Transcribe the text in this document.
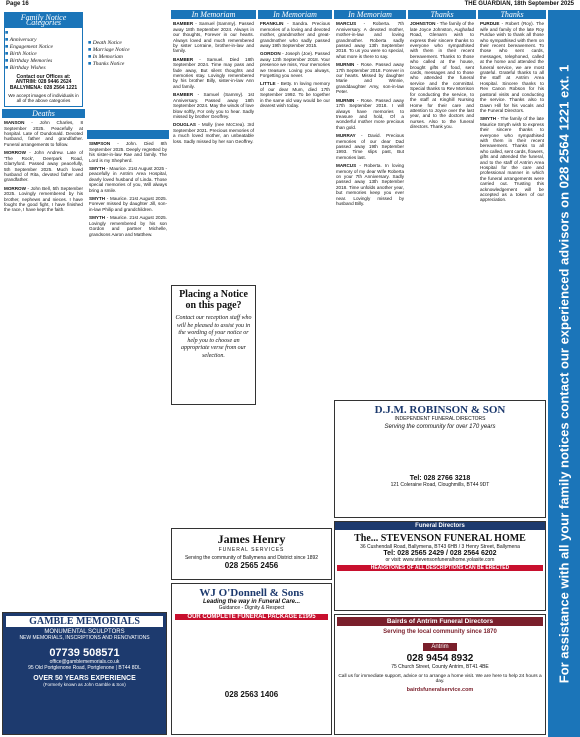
Page 16	THE GUARDIAN, 18th September 2025
Family Notice Categories
■ ■ Anniversary
■ Engagement Notice
■ Birth Notice
■ Birthday Memories
■ Birthday Wishes
Contact our Offices at:
ANTRIM: 028 9446 2624
BALLYMENA: 028 2564 1221
We accept images of individuals in all of the above categories
Deaths
MANSON - John Charles, 8 September 2025. Peacefully at hospital. Late of Dundonald. Devoted husband, father and grandfather. Funeral arrangements to follow.
MORROW - John Andrew. Late of 'The Rock', Deerpark Road, Glarryford. Passed away peacefully, 5th September 2025. Much loved husband of Rita, devoted father and grandfather.
MORROW - John Bell, 5th September 2025. Lovingly remembered by his brother, nephews and nieces. I have fought the good fight, I have finished the race, I have kept the faith.
■ Death Notice
■ Marriage Notice
■ In Memoriam
■ Thanks Notice

SIMPSON - John. Died 8th September 2025. Deeply regretted by his sister-in-law Rae and family. The Lord is my Shepherd.
SMYTH - Maurice. 21st August 2025 - peacefully in Antrim Area Hospital, dearly loved husband of Linda. Those special memories of you, Will always bring a smile.
SMYTH - Maurice. 21st August 2025. Forever missed by daughter Jill, son-in-law Philip and grandchildren.
SMYTH - Maurice. 21st August 2025. Lovingly remembered by his son Gordon and partner Michelle, grandsons Aaron and Matthew.
In Memoriam
BAMBER - Samuel (Sammy). Passed away 18th September 2024. Always in our thoughts, Forever in our hearts. Always loved and much remembered by sister Lorraine, brother-in-law and family.
BAMBER - Samuel. Died 18th September 2024. Time may pass and fade away, But silent thoughts and memories stay. Lovingly remembered by his brother Billy, sister-in-law Ann and family.
BAMBER - Samuel (Sammy). 1st Anniversary. Passed away 18th September 2024. May the winds of love blow softly, For only you to hear. Sadly missed by brother Geoffrey.
DOUGLAS - Molly (nee McCrea). 3rd September 2021. Precious memories of a much loved mother, an unbeatable loss. Sadly missed by her son Geoffrey.
In Memoriam
FRANKLIN - Sandra. Precious memories of a loving and devoted mother, grandmother and great-grandmother who sadly passed away 19th September 2015.
GORDON - Joseph (Joe). Passed away 12th September 2018. Your presence we miss, Your memories we treasure. Loving you always, Forgetting you never.
LITTLE - Betty. In loving memory of our dear Mum, died 17th September 1992. To be together in the same old way would be our dearest wish today.
In Memoriam
MARCUS - Roberta. 7th Anniversary. A devoted mother, mother-in-law and loving grandmother. Roberta sadly passed away 13th September 2018. To us you were so special, what more is there to say.
MURNIN - Rose. Passed away 17th September 2018. Forever in our hearts. Missed by daughter Marie and Winnie, granddaughter Amy, son-in-law Peter.
MURNIN - Rose. Passed away 17th September 2018. I will always have memories to treasure and hold, Of a wonderful mother more precious than gold.
MURRAY - David. Precious memories of our dear Dad passed away 19th September 1993. Time slips past, But memories last.
MARCUS - Roberta. In loving memory of my dear Wife Roberta on your 7th Anniversary. Sadly passed away 13th September 2018. Time unfolds another year, but memories keep you ever near. Lovingly missed by husband Billy.
Thanks
JOHNSTON - The family of the late Joyce Johnston, Aughafad Road, Glenarm wish to express their sincere thanks to everyone who sympathised with them in their recent bereavement. Thanks to those who called at the house, brought gifts of food, sent cards, messages and to those who attended the funeral service and the committal. Special thanks to Rev Morrison for conducting the service, to the staff at Kinghill Nursing Home for their care and attention to Joyce over the last year, and to the doctors and nurses. Also to the funeral directors. Thank you.
Thanks
PURDUE - Robert (Roy). The wife and family of the late Roy Purdue wish to thank all those who sympathised with them on their recent bereavement. To those who sent cards, messages, telephoned, called at the home and attended the funeral service, we are most grateful. Grateful thanks to all the staff at Antrim Area Hospital. Sincere thanks to Rev Canon Robson for his pastoral visits and conducting the service. Thanks also to Dawn Hill for his vocals and the Funeral Directors.
SMYTH - The family of the late Maurice Smyth wish to express their sincere thanks to everyone who sympathised with them in their recent bereavement. Thanks to all who called, sent cards, flowers, gifts and attended the funeral, and to the staff of Antrim Area Hospital for the care and professional manner in which the funeral arrangements were carried out. Trusting this acknowledgement will be accepted as a token of our appreciation.
Placing a Notice on this page?
Contact our reception staff who will be pleased to assist you in the wording of your notice or help you to choose an appropriate verse from our selection.
James Henry
FUNERAL SERVICES
Serving the community of Ballymena and District since 1892
028 2565 2456
GAMBLE MEMORIALS
MONUMENTAL SCULPTORS
NEW MEMORIALS, INSCRIPTIONS AND RENOVATIONS
07739 508571
office@gamblememorials.co.uk
95 Old Portglenone Road, Portglenone | BT44 8DL
OVER 50 YEARS EXPERIENCE
(Formerly known as John Gamble & Son)
WJ O'Donnell & Sons
Leading the way in Funeral Care...
Guidance - Dignity & Respect
OUR COMPLETE FUNERAL PACKAGE £1995
028 2563 1406
D.J.M. ROBINSON & SON
INDEPENDENT FUNERAL DIRECTORS
Serving the community for over 170 years
Tel: 028 2766 3218
121 Coleraine Road, Cloughmills, BT44 9DT
Funeral Directors
The... STEVENSON FUNERAL HOME
36 Cushendall Road, Ballymena, BT43 6HB / 3 Henry Street, Ballymena
Tel: 028 2565 2429 / 028 2564 6202
or visit: www.stevensonfuneralhome.yolasite.com
HEADSTONES OF ALL DESCRIPTIONS CAN BE ERECTED
Bairds of Antrim Funeral Directors
Serving the local community since 1870
Antrim
028 9454 8932
75 Church Street, County Antrim, BT41 4BE
Call us for immediate support, advice or to arrange a home visit. We are here to help 24 hours a day.
bairdsfuneralservice.com
For assistance with all your family notices contact our experienced advisors on 028 2564 1221 ext. 1
